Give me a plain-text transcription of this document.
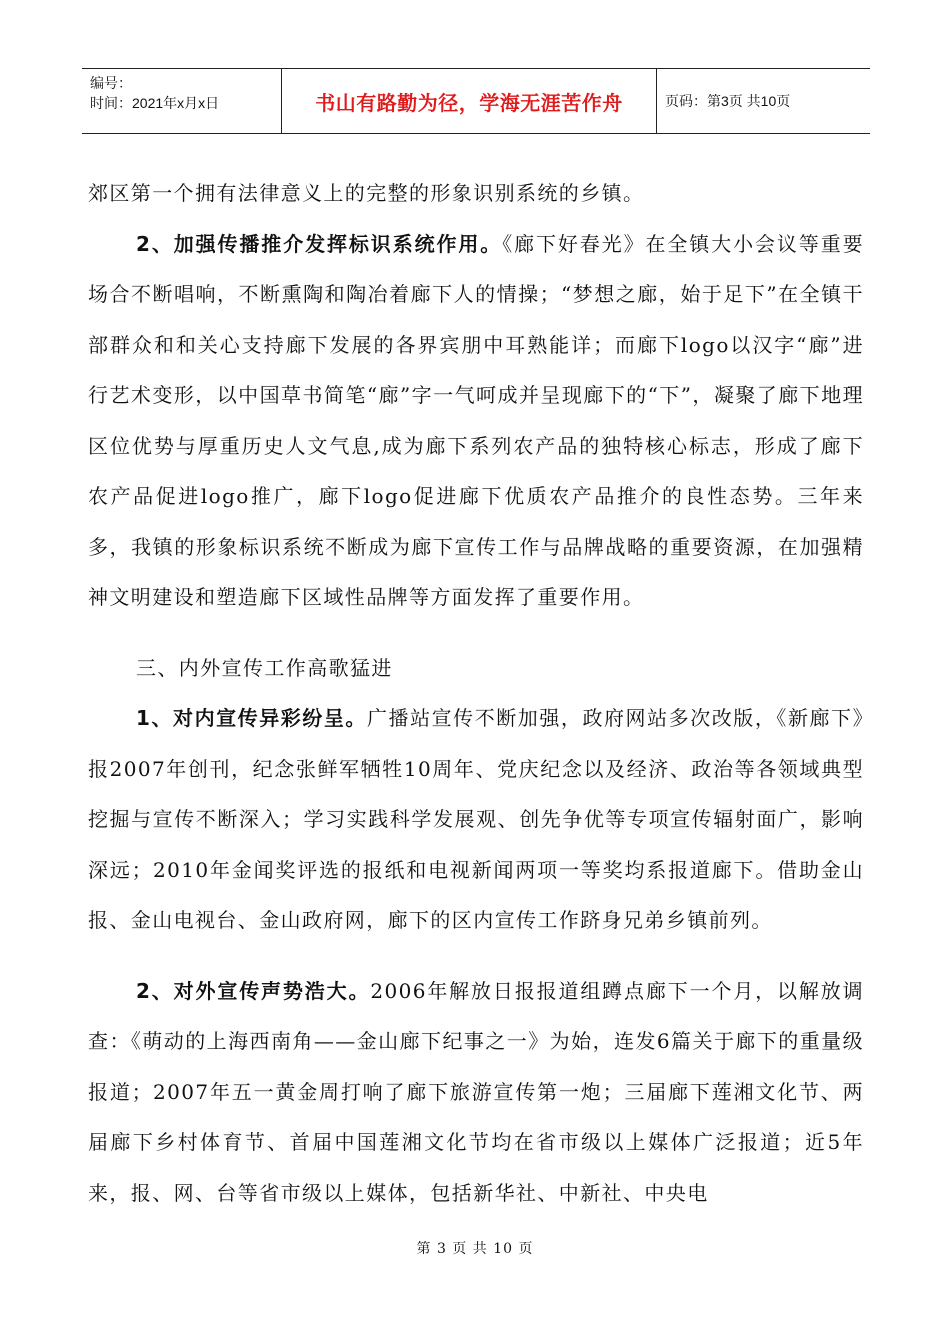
编号：
时间：2021年x月x日	书山有路勤为径，学海无涯苦作舟	页码：第3页 共10页

郊区第一个拥有法律意义上的完整的形象识别系统的乡镇。

2、加强传播推介发挥标识系统作用。《廊下好春光》在全镇大小会议等重要场合不断唱响，不断熏陶和陶冶着廊下人的情操；“梦想之廊，始于足下”在全镇干部群众和和关心支持廊下发展的各界宾朋中耳熟能详；而廊下logo以汉字“廊”进行艺术变形，以中国草书简笔“廊”字一气呵成并呈现廊下的“下”，凝聚了廊下地理区位优势与厚重历史人文气息,成为廊下系列农产品的独特核心标志，形成了廊下农产品促进logo推广，廊下logo促进廊下优质农产品推介的良性态势。三年来多，我镇的形象标识系统不断成为廊下宣传工作与品牌战略的重要资源，在加强精神文明建设和塑造廊下区域性品牌等方面发挥了重要作用。

三、内外宣传工作高歌猛进

1、对内宣传异彩纷呈。广播站宣传不断加强，政府网站多次改版，《新廊下》报2007年创刊，纪念张鲜军牺牲10周年、党庆纪念以及经济、政治等各领域典型挖掘与宣传不断深入；学习实践科学发展观、创先争优等专项宣传辐射面广，影响深远；2010年金闻奖评选的报纸和电视新闻两项一等奖均系报道廊下。借助金山报、金山电视台、金山政府网，廊下的区内宣传工作跻身兄弟乡镇前列。

2、对外宣传声势浩大。2006年解放日报报道组蹲点廊下一个月，以解放调查：《萌动的上海西南角——金山廊下纪事之一》为始，连发6篇关于廊下的重量级报道；2007年五一黄金周打响了廊下旅游宣传第一炮；三届廊下莲湘文化节、两届廊下乡村体育节、首届中国莲湘文化节均在省市级以上媒体广泛报道；近5年来，报、网、台等省市级以上媒体，包括新华社、中新社、中央电

第 3 页 共 10 页
